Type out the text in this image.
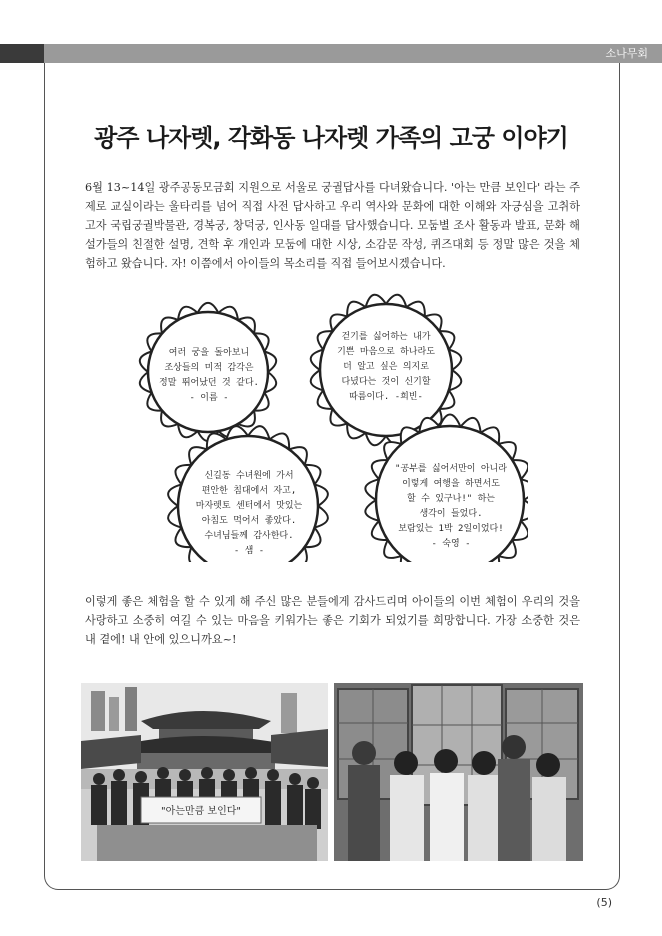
소나무회
광주 나자렛, 각화동 나자렛 가족의 고궁 이야기
6월 13~14일 광주공동모금회 지원으로 서울로 궁궐답사를 다녀왔습니다. '아는 만큼 보인다' 라는 주제로 교실이라는 울타리를 넘어 직접 사전 답사하고 우리 역사와 문화에 대한 이해와 자긍심을 고취하고자 국립궁궐박물관, 경복궁, 창덕궁, 인사동 일대를 답사했습니다. 모둠별 조사 활동과 발표, 문화 해설가들의 친절한 설명, 견학 후 개인과 모둠에 대한 시상, 소감문 작성, 퀴즈대회 등 정말 많은 것을 체험하고 왔습니다. 자! 이쯤에서 아이들의 목소리를 직접 들어보시겠습니다.
여러 궁을 돌아보니
조상들의 미적 감각은
정말 뛰어났던 것 같다.
- 이름 -
걷기를 싫어하는 내가
기쁜 마음으로 하나라도
더 알고 싶은 의지로
다녔다는 것이 신기할
따름이다. -희빈-
신길동 수녀원에 가서
편안한 침대에서 자고,
마자렛토 센터에서 맛있는
아침도 먹어서 좋았다.
수녀님들께 감사한다.
- 샘 -
"공부를 싫어서만이 아니라
이렇게 여행을 하면서도
할 수 있구나!" 하는
생각이 들었다.
보람있는 1박 2일이었다!
- 숙영 -
이렇게 좋은 체험을 할 수 있게 해 주신 많은 분들에게 감사드리며 아이들의 이번 체험이 우리의 것을 사랑하고 소중히 여길 수 있는 마음을 키워가는 좋은 기회가 되었기를 희망합니다. 가장 소중한 것은 내 곁에! 내 안에 있으니까요~!
"아는만큼 보인다"
(5)
